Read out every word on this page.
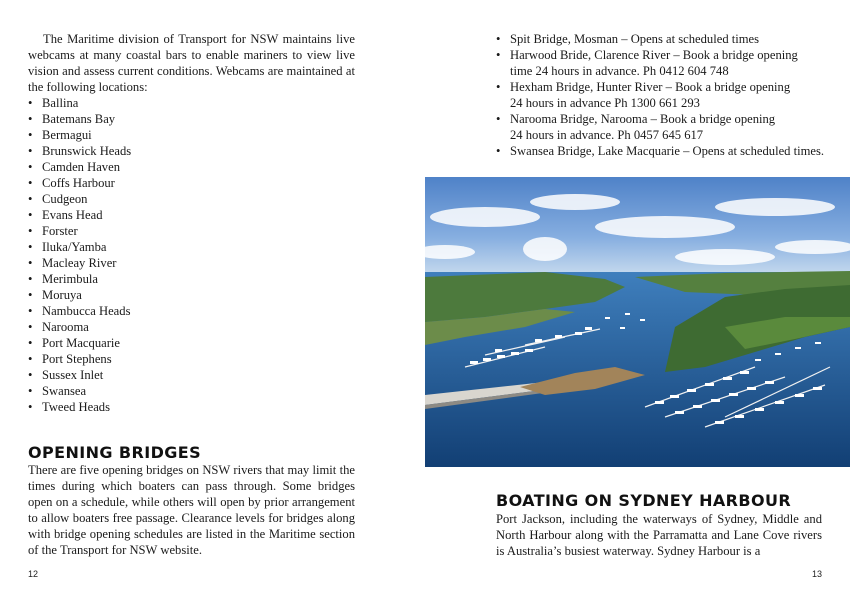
The Maritime division of Transport for NSW maintains live webcams at many coastal bars to enable mariners to view live vision and assess current conditions. Webcams are maintained at the following locations:

• Ballina
• Batemans Bay
• Bermagui
• Brunswick Heads
• Camden Haven
• Coffs Harbour
• Cudgeon
• Evans Head
• Forster
• Iluka/Yamba
• Macleay River
• Merimbula
• Moruya
• Nambucca Heads
• Narooma
• Port Macquarie
• Port Stephens
• Sussex Inlet
• Swansea
• Tweed Heads
OPENING BRIDGES

There are five opening bridges on NSW rivers that may limit the times during which boaters can pass through. Some bridges open on a schedule, while others will open by prior arrangement to allow boaters free passage. Clearance levels for bridges along with bridge opening schedules are listed in the Maritime section of the Transport for NSW website.

12
• Spit Bridge, Mosman – Opens at scheduled times
• Harwood Bride, Clarence River – Book a bridge opening
time 24 hours in advance. Ph 0412 604 748
• Hexham Bridge, Hunter River – Book a bridge opening
24 hours in advance Ph 1300 661 293
• Narooma Bridge, Narooma – Book a bridge opening
24 hours in advance. Ph 0457 645 617
• Swansea Bridge, Lake Macquarie – Opens at scheduled times.
BOATING ON SYDNEY HARBOUR

Port Jackson, including the waterways of Sydney, Middle and North Harbour along with the Parramatta and Lane Cove rivers is Australia’s busiest waterway. Sydney Harbour is a

13
